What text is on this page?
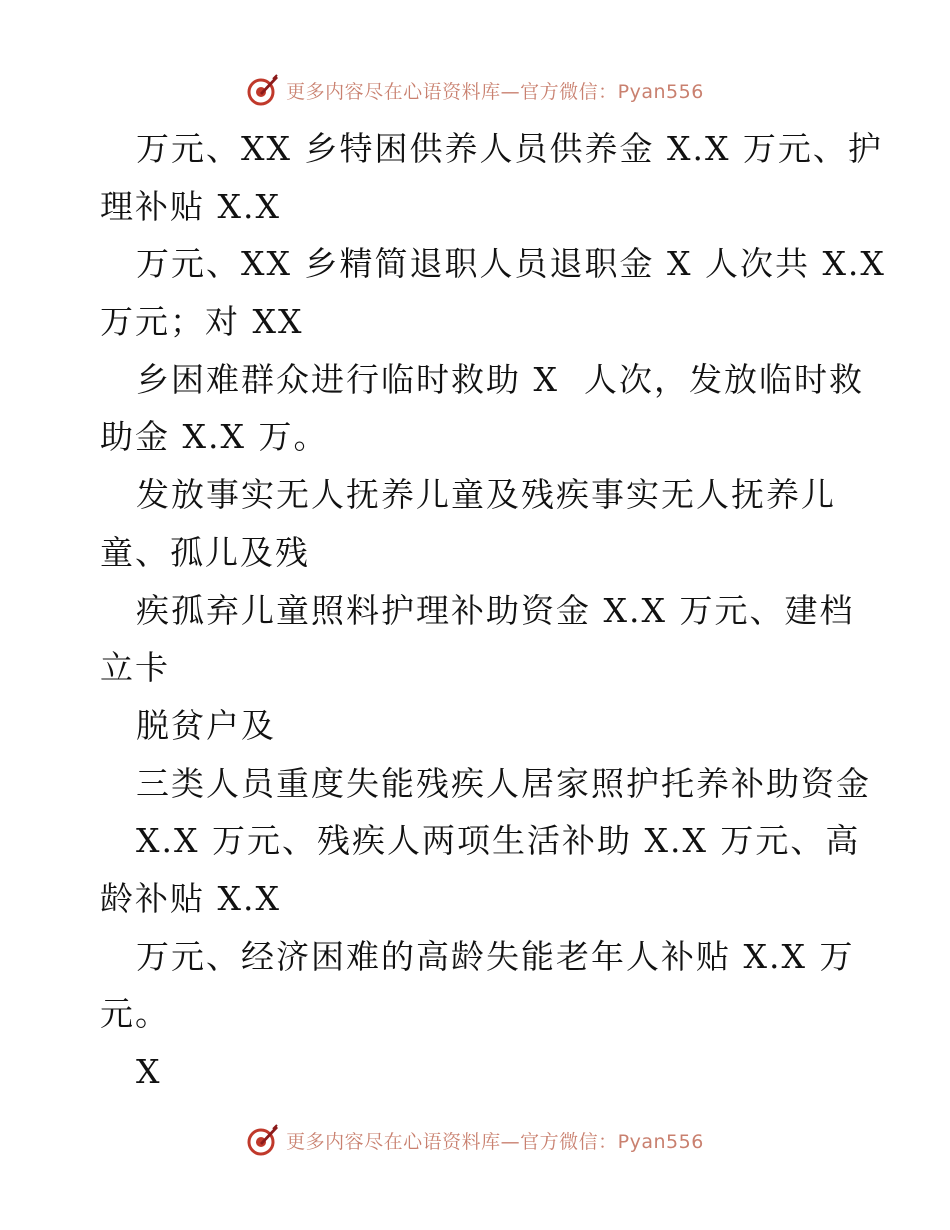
更多内容尽在心语资料库—官方微信：Pyan556
万元、XX 乡特困供养人员供养金 X.X 万元、护
理补贴 X.X
万元、XX 乡精简退职人员退职金 X 人次共 X.X
万元；对 XX
乡困难群众进行临时救助 X  人次，发放临时救
助金 X.X 万。
发放事实无人抚养儿童及残疾事实无人抚养儿
童、孤儿及残
疾孤弃儿童照料护理补助资金 X.X 万元、建档
立卡
脱贫户及
三类人员重度失能残疾人居家照护托养补助资金
X.X 万元、残疾人两项生活补助 X.X 万元、高
龄补贴 X.X
万元、经济困难的高龄失能老年人补贴 X.X 万
元。
X
更多内容尽在心语资料库—官方微信：Pyan556
